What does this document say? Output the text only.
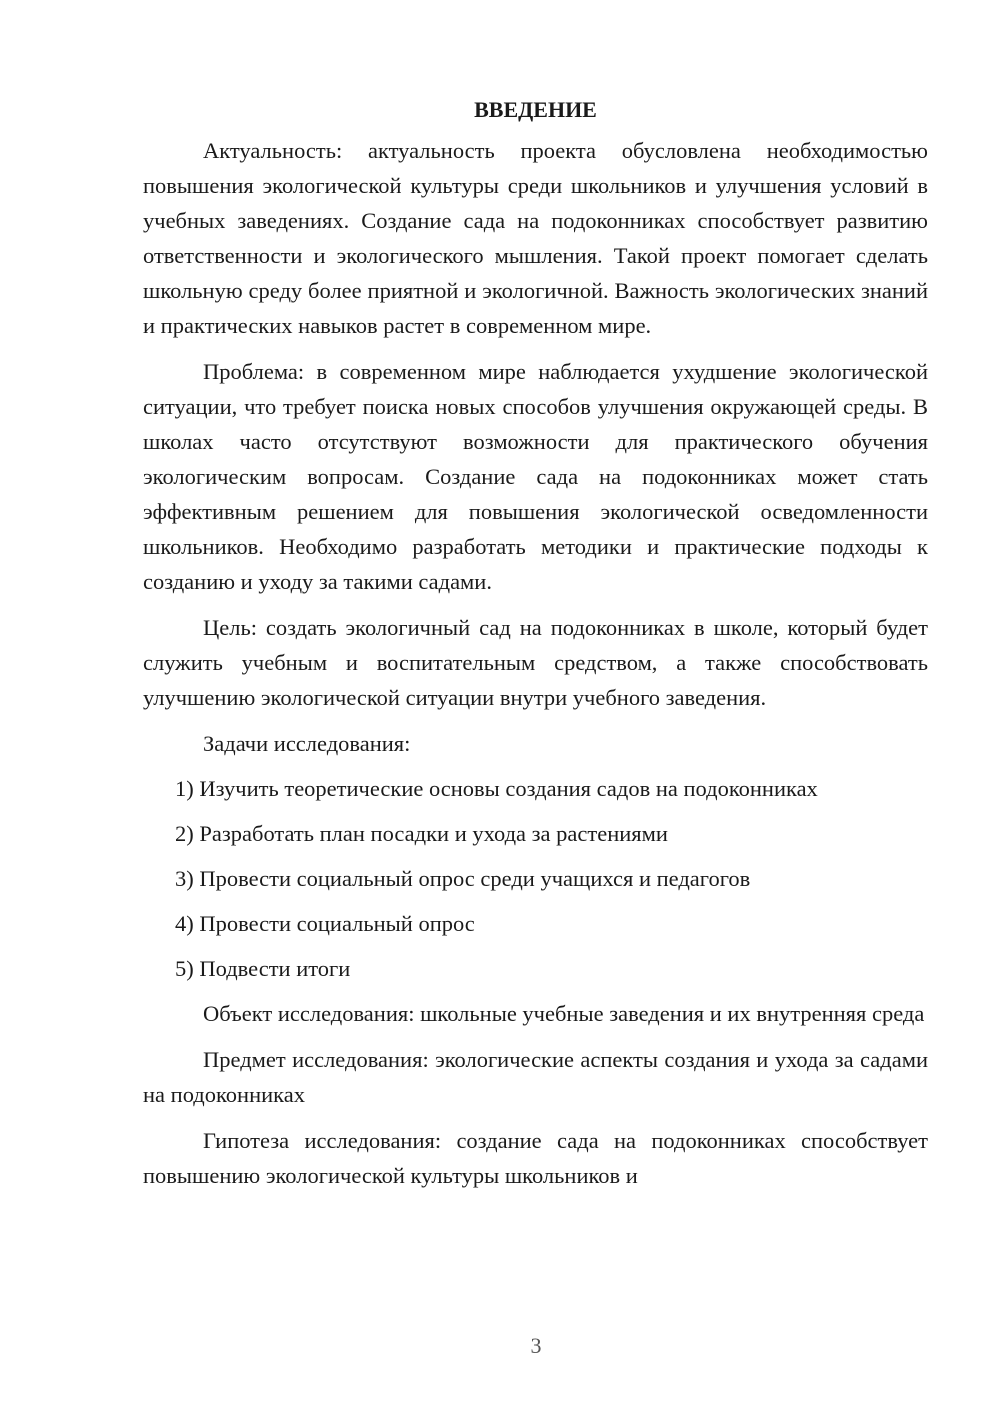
ВВЕДЕНИЕ

Актуальность: актуальность проекта обусловлена необходимостью повышения экологической культуры среди школьников и улучшения условий в учебных заведениях. Создание сада на подоконниках способствует развитию ответственности и экологического мышления. Такой проект помогает сделать школьную среду более приятной и экологичной. Важность экологических знаний и практических навыков растет в современном мире.

Проблема: в современном мире наблюдается ухудшение экологической ситуации, что требует поиска новых способов улучшения окружающей среды. В школах часто отсутствуют возможности для практического обучения экологическим вопросам. Создание сада на подоконниках может стать эффективным решением для повышения экологической осведомленности школьников. Необходимо разработать методики и практические подходы к созданию и уходу за такими садами.

Цель: создать экологичный сад на подоконниках в школе, который будет служить учебным и воспитательным средством, а также способствовать улучшению экологической ситуации внутри учебного заведения.

Задачи исследования:

1) Изучить теоретические основы создания садов на подоконниках
2) Разработать план посадки и ухода за растениями
3) Провести социальный опрос среди учащихся и педагогов
4) Провести социальный опрос
5) Подвести итоги

Объект исследования: школьные учебные заведения и их внутренняя среда

Предмет исследования: экологические аспекты создания и ухода за садами на подоконниках

Гипотеза исследования: создание сада на подоконниках способствует повышению экологической культуры школьников и

3
